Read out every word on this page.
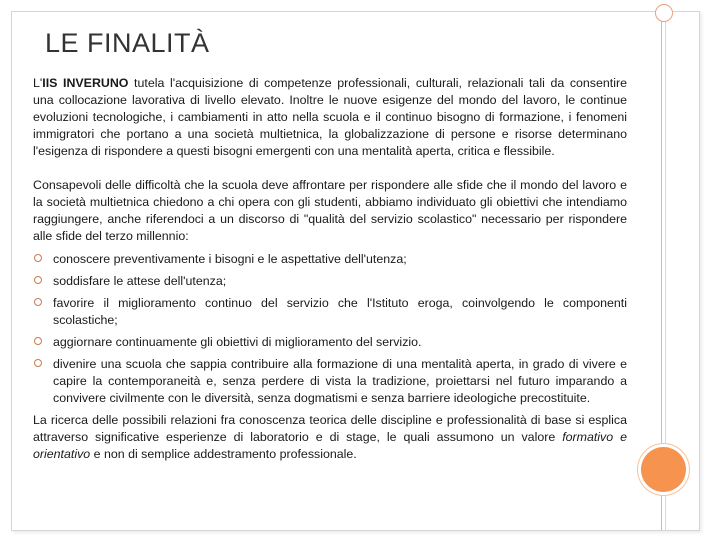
LE FINALITÀ

L'IIS INVERUNO tutela l'acquisizione di competenze professionali, culturali, relazionali tali da consentire una collocazione lavorativa di livello elevato. Inoltre le nuove esigenze del mondo del lavoro, le continue evoluzioni tecnologiche, i cambiamenti in atto nella scuola e il continuo bisogno di formazione, i fenomeni immigratori che portano a una società multietnica, la globalizzazione di persone e risorse determinano l'esigenza di rispondere a questi bisogni emergenti con una mentalità aperta, critica e flessibile.

Consapevoli delle difficoltà che la scuola deve affrontare per rispondere alle sfide che il mondo del lavoro e la società multietnica chiedono a chi opera con gli studenti, abbiamo individuato gli obiettivi che intendiamo raggiungere, anche riferendoci a un discorso di "qualità del servizio scolastico" necessario per rispondere alle sfide del terzo millennio:

conoscere preventivamente i bisogni e le aspettative dell'utenza;
soddisfare le attese dell'utenza;
favorire il miglioramento continuo del servizio che l'Istituto eroga, coinvolgendo le componenti scolastiche;
aggiornare continuamente gli obiettivi di miglioramento del servizio.
divenire una scuola che sappia contribuire alla formazione di una mentalità aperta, in grado di vivere e capire la contemporaneità e, senza perdere di vista la tradizione, proiettarsi nel futuro imparando a convivere civilmente con le diversità, senza dogmatismi e senza barriere ideologiche precostituite.

La ricerca delle possibili relazioni fra conoscenza teorica delle discipline e professionalità di base si esplica attraverso significative esperienze di laboratorio e di stage, le quali assumono un valore formativo e orientativo e non di semplice addestramento professionale.
